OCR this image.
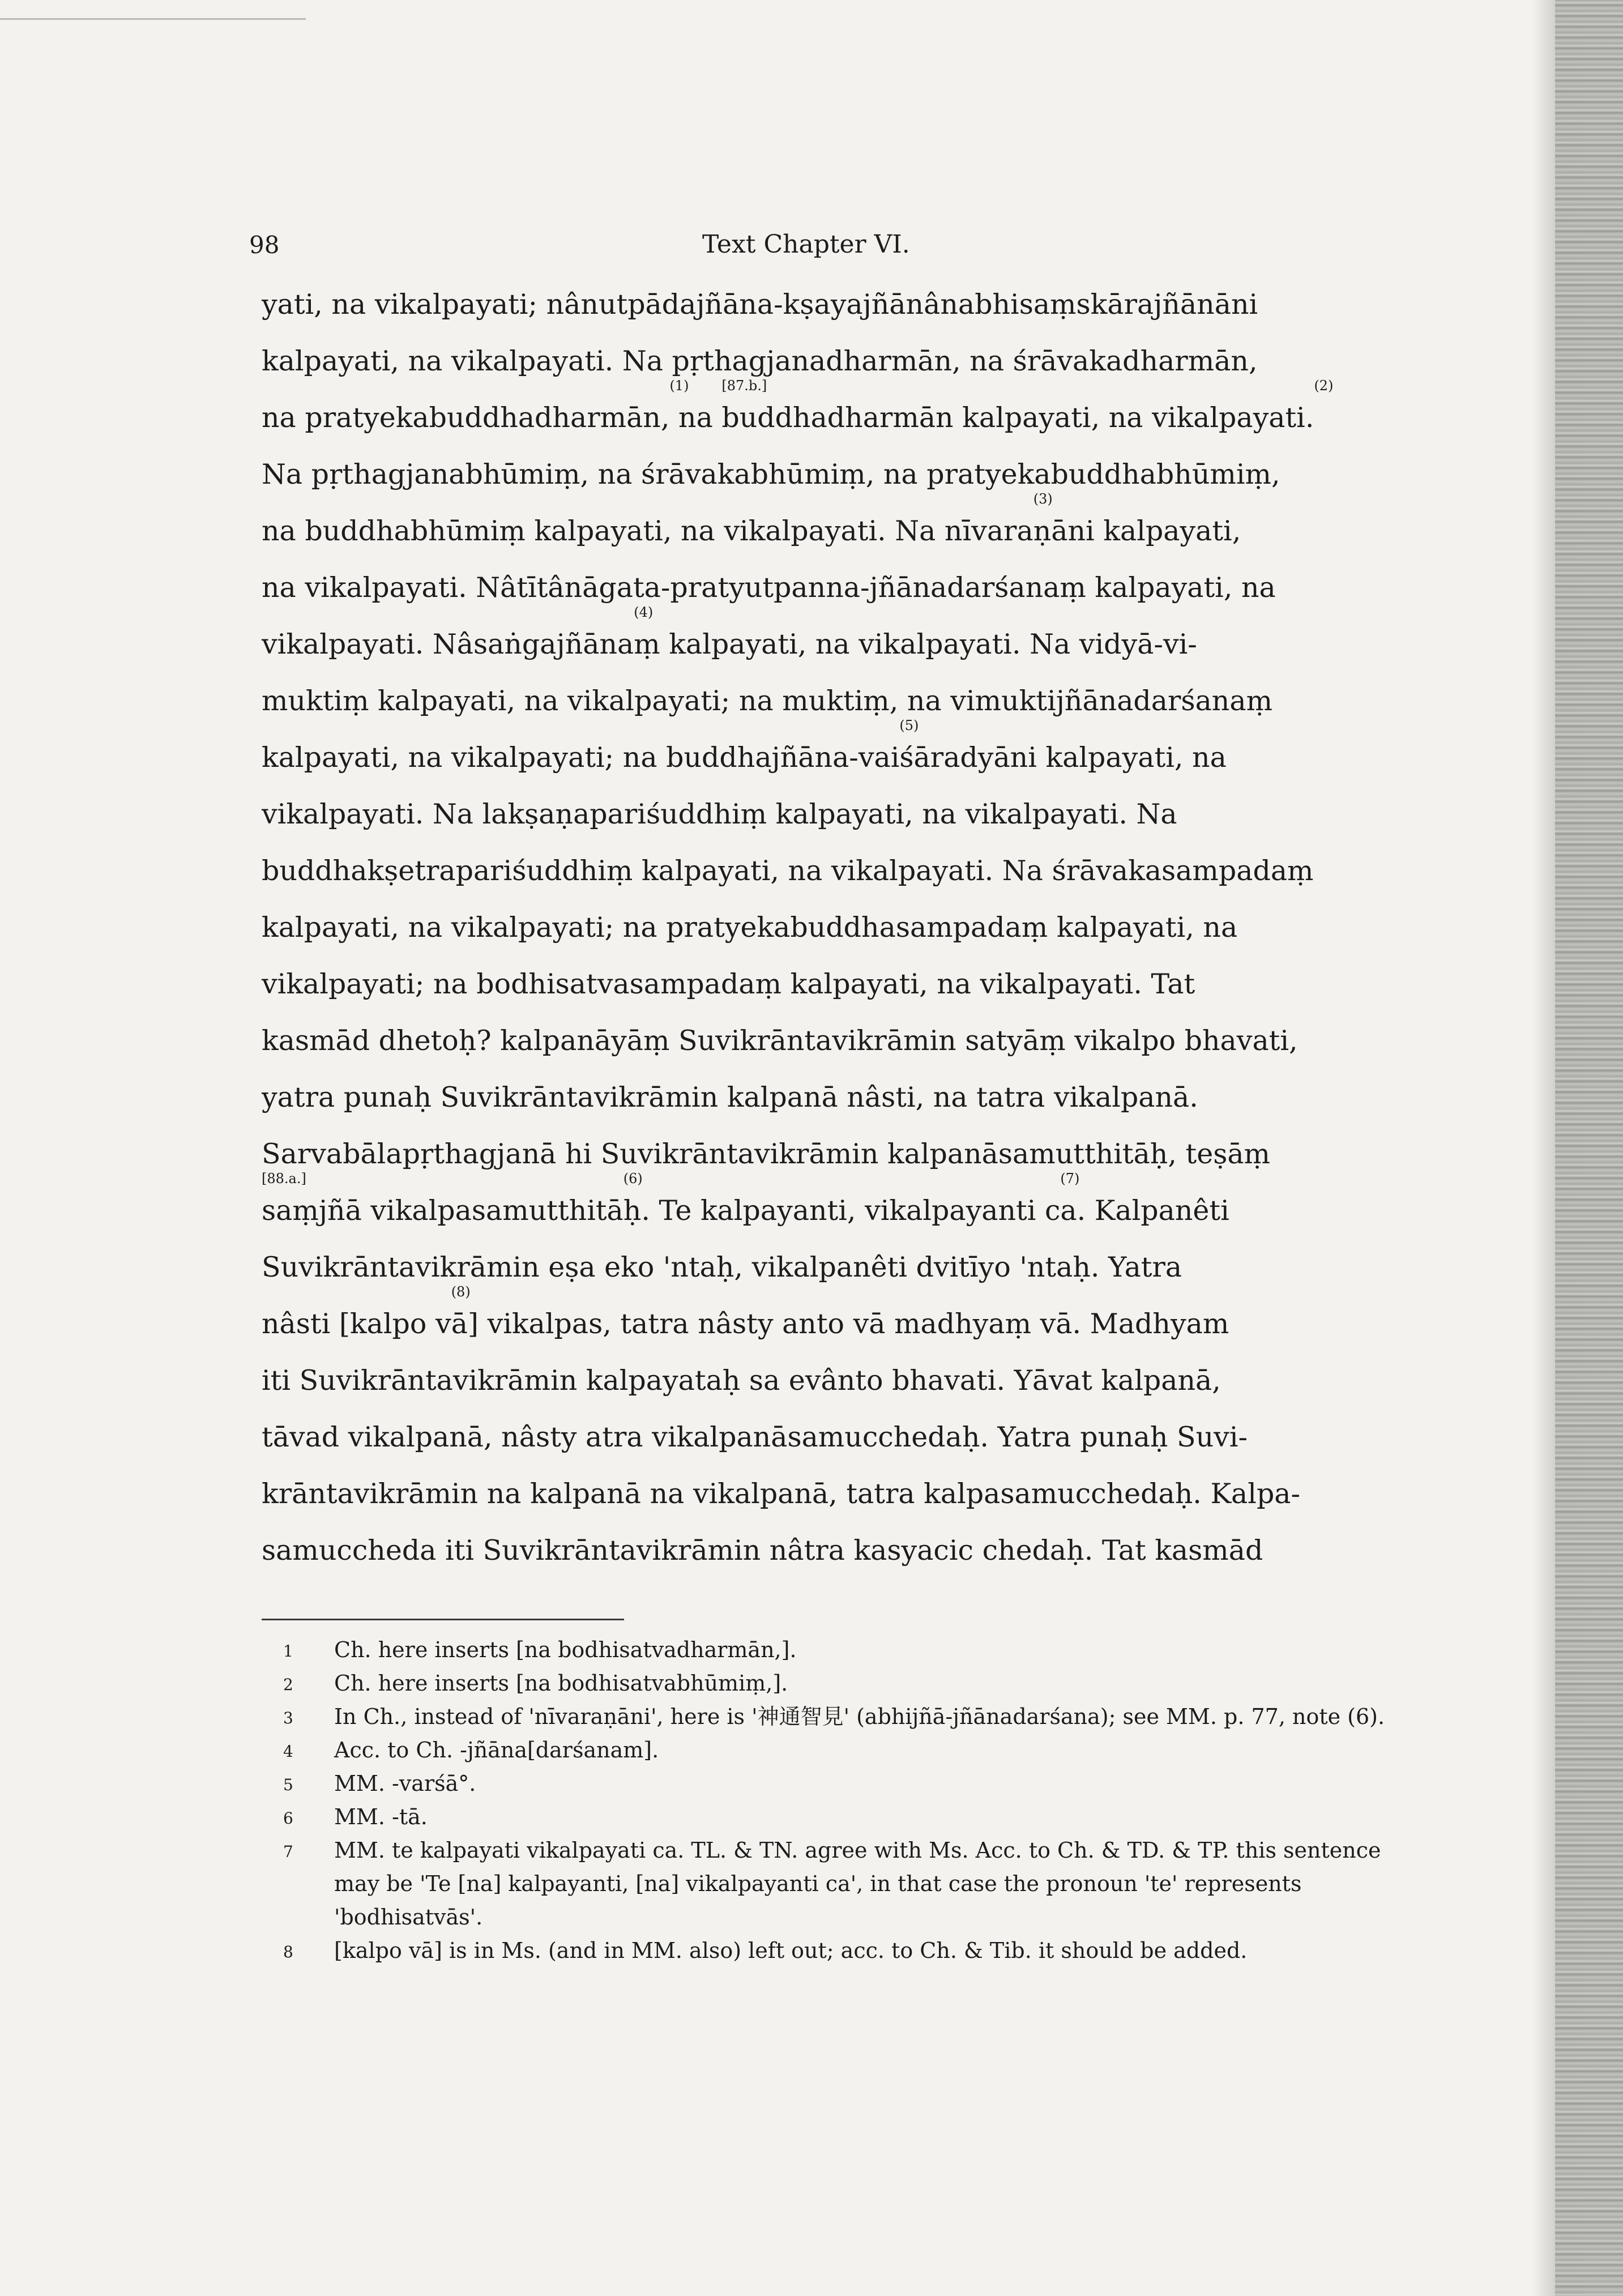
98	Text Chapter VI.
yati, na vikalpayati; nânutpādajñāna-kṣayajñānânabhisaṃskārajñānāni
kalpayati, na vikalpayati. Na pṛthagjanadharmān, na śrāvakadharmān,
na pratyekabuddhadharmān,
(1)
na
[87.b.]
buddhadharmān kalpayati, na vikalpayati.
(2)
Na pṛthagjanabhūmiṃ, na śrāvakabhūmiṃ, na pratyekabuddhabhūmiṃ,
na buddhabhūmiṃ kalpayati, na vikalpayati. Na nīvara
(3)
ṇāni kalpayati,
na vikalpayati. Nâtītânāgata-pratyutpanna-jñānadarśanaṃ kalpayati, na
vikalpayati. Nâsaṅgajñāna
(4)
ṃ kalpayati, na vikalpayati. Na vidyā-vi-
muktiṃ kalpayati, na vikalpayati; na muktiṃ, na vimuktijñānadarśanaṃ
kalpayati, na vikalpayati; na buddhajñāna-vai
(5)
śāradyāni kalpayati, na
vikalpayati. Na lakṣaṇapariśuddhiṃ kalpayati, na vikalpayati. Na
buddhakṣetrapariśuddhiṃ kalpayati, na vikalpayati. Na śrāvakasampadaṃ
kalpayati, na vikalpayati; na pratyekabuddhasampadaṃ kalpayati, na
vikalpayati; na bodhisatvasampadaṃ kalpayati, na vikalpayati. Tat
kasmād dhetoḥ? kalpanāyāṃ Suvikrāntavikrāmin satyāṃ vikalpo bhavati,
yatra punaḥ Suvikrāntavikrāmin kalpanā nâsti, na tatra vikalpanā.
Sarvabālapṛthagjanā hi Suvikrāntavikrāmin kalpanāsamutthitāḥ, teṣāṃ
[88.a.]
saṃjñā vikalpasamutthitā
(6)
ḥ. Te kalpayanti, vikalpayanti c
(7)
a. Kalpanêti
Suvikrāntavikrāmin eṣa eko 'ntaḥ, vikalpanêti dvitīyo 'ntaḥ. Yatra
nâsti [kalpo v
(8)
ā] vikalpas, tatra nâsty anto vā madhyaṃ vā. Madhyam
iti Suvikrāntavikrāmin kalpayataḥ sa evânto bhavati. Yāvat kalpanā,
tāvad vikalpanā, nâsty atra vikalpanāsamucchedaḥ. Yatra punaḥ Suvi-
krāntavikrāmin na kalpanā na vikalpanā, tatra kalpasamucchedaḥ. Kalpa-
samuccheda iti Suvikrāntavikrāmin nâtra kasyacic chedaḥ. Tat kasmād
1 Ch. here inserts [na bodhisatvadharmān,].
2 Ch. here inserts [na bodhisatvabhūmiṃ,].
3 In Ch., instead of 'nīvaraṇāni', here is '神通智見' (abhijñā-jñānadarśana); see MM. p. 77, note (6).
4 Acc. to Ch. -jñāna[darśanam].
5 MM. -varśā°.
6 MM. -tā.
7 MM. te kalpayati vikalpayati ca. TL. & TN. agree with Ms. Acc. to Ch. & TD. & TP. this sentence may be 'Te [na] kalpayanti, [na] vikalpayanti ca', in that case the pronoun 'te' represents 'bodhisatvās'.
8 [kalpo vā] is in Ms. (and in MM. also) left out; acc. to Ch. & Tib. it should be added.
